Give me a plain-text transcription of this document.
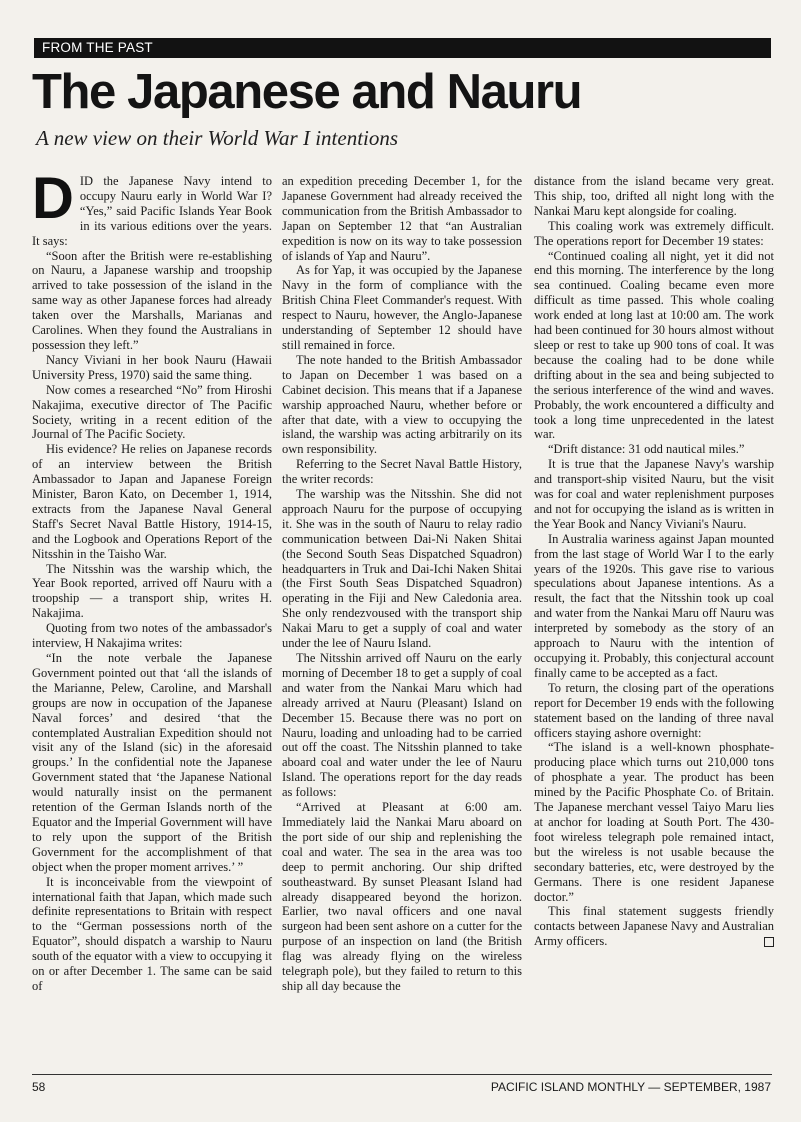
FROM THE PAST
The Japanese and Nauru
A new view on their World War I intentions

DID the Japanese Navy intend to occupy Nauru early in World War I? “Yes,” said Pacific Islands Year Book in its various editions over the years. It says:

“Soon after the British were re-establishing on Nauru, a Japanese warship and troopship arrived to take possession of the island in the same way as other Japanese forces had already taken over the Marshalls, Marianas and Carolines. When they found the Australians in possession they left.”

Nancy Viviani in her book Nauru (Hawaii University Press, 1970) said the same thing.

Now comes a researched “No” from Hiroshi Nakajima, executive director of The Pacific Society, writing in a recent edition of the Journal of The Pacific Society.

His evidence? He relies on Japanese records of an interview between the British Ambassador to Japan and Japanese Foreign Minister, Baron Kato, on December 1, 1914, extracts from the Japanese Naval General Staff's Secret Naval Battle History, 1914-15, and the Logbook and Operations Report of the Nitsshin in the Taisho War.

The Nitsshin was the warship which, the Year Book reported, arrived off Nauru with a troopship — a transport ship, writes H. Nakajima.

Quoting from two notes of the ambassador's interview, H Nakajima writes:

“In the note verbale the Japanese Government pointed out that ‘all the islands of the Marianne, Pelew, Caroline, and Marshall groups are now in occupation of the Japanese Naval forces’ and desired ‘that the contemplated Australian Expedition should not visit any of the Island (sic) in the aforesaid groups.’ In the confidential note the Japanese Government stated that ‘the Japanese National would naturally insist on the permanent retention of the German Islands north of the Equator and the Imperial Government will have to rely upon the support of the British Government for the accomplishment of that object when the proper moment arrives.’ ”

It is inconceivable from the viewpoint of international faith that Japan, which made such definite representations to Britain with respect to the “German possessions north of the Equator”, should dispatch a warship to Nauru south of the equator with a view to occupying it on or after December 1. The same can be said of

an expedition preceding December 1, for the Japanese Government had already received the communication from the British Ambassador to Japan on September 12 that “an Australian expedition is now on its way to take possession of islands of Yap and Nauru”.

As for Yap, it was occupied by the Japanese Navy in the form of compliance with the British China Fleet Commander's request. With respect to Nauru, however, the Anglo-Japanese understanding of September 12 should have still remained in force.

The note handed to the British Ambassador to Japan on December 1 was based on a Cabinet decision. This means that if a Japanese warship approached Nauru, whether before or after that date, with a view to occupying the island, the warship was acting arbitrarily on its own responsibility.

Referring to the Secret Naval Battle History, the writer records:

The warship was the Nitsshin. She did not approach Nauru for the purpose of occupying it. She was in the south of Nauru to relay radio communication between Dai-Ni Naken Shitai (the Second South Seas Dispatched Squadron) headquarters in Truk and Dai-Ichi Naken Shitai (the First South Seas Dispatched Squadron) operating in the Fiji and New Caledonia area. She only rendezvoused with the transport ship Nakai Maru to get a supply of coal and water under the lee of Nauru Island.

The Nitsshin arrived off Nauru on the early morning of December 18 to get a supply of coal and water from the Nankai Maru which had already arrived at Nauru (Pleasant) Island on December 15. Because there was no port on Nauru, loading and unloading had to be carried out off the coast. The Nitsshin planned to take aboard coal and water under the lee of Nauru Island. The operations report for the day reads as follows:

“Arrived at Pleasant at 6:00 am. Immediately laid the Nankai Maru aboard on the port side of our ship and replenishing the coal and water. The sea in the area was too deep to permit anchoring. Our ship drifted southeastward. By sunset Pleasant Island had already disappeared beyond the horizon. Earlier, two naval officers and one naval surgeon had been sent ashore on a cutter for the purpose of an inspection on land (the British flag was already flying on the wireless telegraph pole), but they failed to return to this ship all day because the

distance from the island became very great. This ship, too, drifted all night long with the Nankai Maru kept alongside for coaling.

This coaling work was extremely difficult. The operations report for December 19 states:

“Continued coaling all night, yet it did not end this morning. The interference by the long sea continued. Coaling became even more difficult as time passed. This whole coaling work ended at long last at 10:00 am. The work had been continued for 30 hours almost without sleep or rest to take up 900 tons of coal. It was because the coaling had to be done while drifting about in the sea and being subjected to the serious interference of the wind and waves. Probably, the work encountered a difficulty and took a long time unprecedented in the latest war.

“Drift distance: 31 odd nautical miles.”

It is true that the Japanese Navy's warship and transport-ship visited Nauru, but the visit was for coal and water replenishment purposes and not for occupying the island as is written in the Year Book and Nancy Viviani's Nauru.

In Australia wariness against Japan mounted from the last stage of World War I to the early years of the 1920s. This gave rise to various speculations about Japanese intentions. As a result, the fact that the Nitsshin took up coal and water from the Nankai Maru off Nauru was interpreted by somebody as the story of an approach to Nauru with the intention of occupying it. Probably, this conjectural account finally came to be accepted as a fact.

To return, the closing part of the operations report for December 19 ends with the following statement based on the landing of three naval officers staying ashore overnight:

“The island is a well-known phosphate-producing place which turns out 210,000 tons of phosphate a year. The product has been mined by the Pacific Phosphate Co. of Britain. The Japanese merchant vessel Taiyo Maru lies at anchor for loading at South Port. The 430-foot wireless telegraph pole remained intact, but the wireless is not usable because the secondary batteries, etc, were destroyed by the Germans. There is one resident Japanese doctor.”

This final statement suggests friendly contacts between Japanese Navy and Australian Army officers.

58	PACIFIC ISLAND MONTHLY — SEPTEMBER, 1987
